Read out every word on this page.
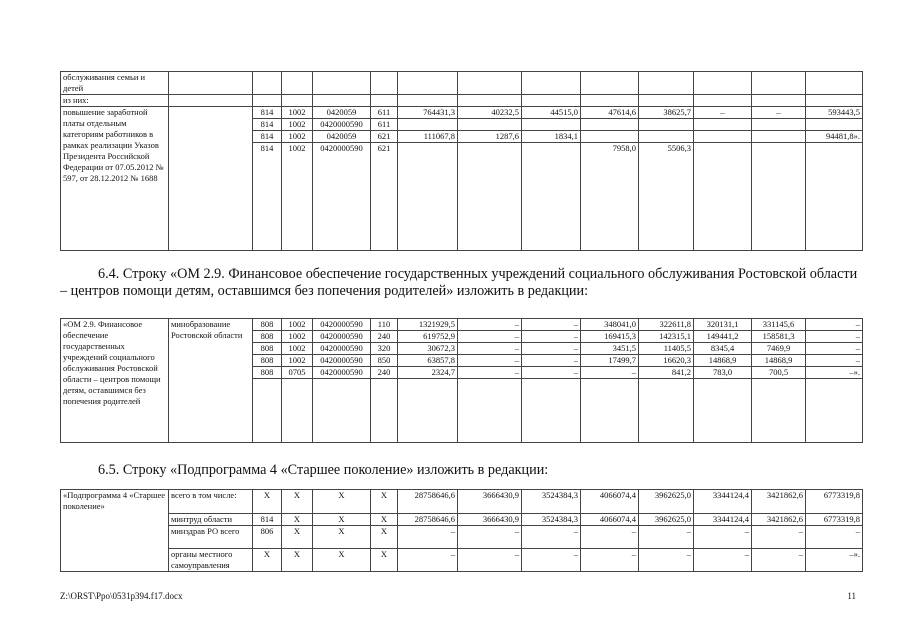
обслуживания семьи и детей													
из них:													
повышение заработной платы отдельным категориям работников в рамках реализации Указов Президента Российской Федерации от 07.05.2012 № 597, от 28.12.2012 № 1688		814	1002	0420059	611	764431,3	40232,5	44515,0	47614,6	38625,7	–	–	593443,5
		814	1002	0420000590	611								
		814	1002	0420059	621	111067,8	1287,6	1834,1					94481,8».
		814	1002	0420000590	621				7958,0	5506,3			
6.4. Строку «ОМ 2.9. Финансовое обеспечение государственных учреждений социального обслуживания Ростовской области – центров помощи детям, оставшимся без попечения родителей» изложить в редакции:
«ОМ 2.9. Финансовое обеспечение государственных учреждений социального обслуживания Ростовской области – центров помощи детям, оставшимся без попечения родителей	минобразование Ростовской области	808	1002	0420000590	110	1321929,5	–	–	348041,0	322611,8	320131,1	331145,6	–
		808	1002	0420000590	240	619752,9	–	–	169415,3	142315,1	149441,2	158581,3	–
		808	1002	0420000590	320	30672,3	–	–	3451,5	11405,5	8345,4	7469,9	–
		808	1002	0420000590	850	63857,8	–	–	17499,7	16620,3	14868,9	14868,9	–
		808	0705	0420000590	240	2324,7	–	–	–	841,2	783,0	700,5	–».

6.5. Строку «Подпрограмма 4 «Старшее поколение» изложить в редакции:
«Подпрограмма 4 «Старшее поколение»	всего в том числе:	X	X	X	X	28758646,6	3666430,9	3524384,3	4066074,4	3962625,0	3344124,4	3421862,6	6773319,8
	минтруд области	814	X	X	X	28758646,6	3666430,9	3524384,3	4066074,4	3962625,0	3344124,4	3421862,6	6773319,8
	минздрав РО всего	806	X	X	X	–	–	–	–	–	–	–	–
	органы местного самоуправления	X	X	X	X	–	–	–	–	–	–	–	–».
Z:\ORST\Ppo\0531p394.f17.docx	11
